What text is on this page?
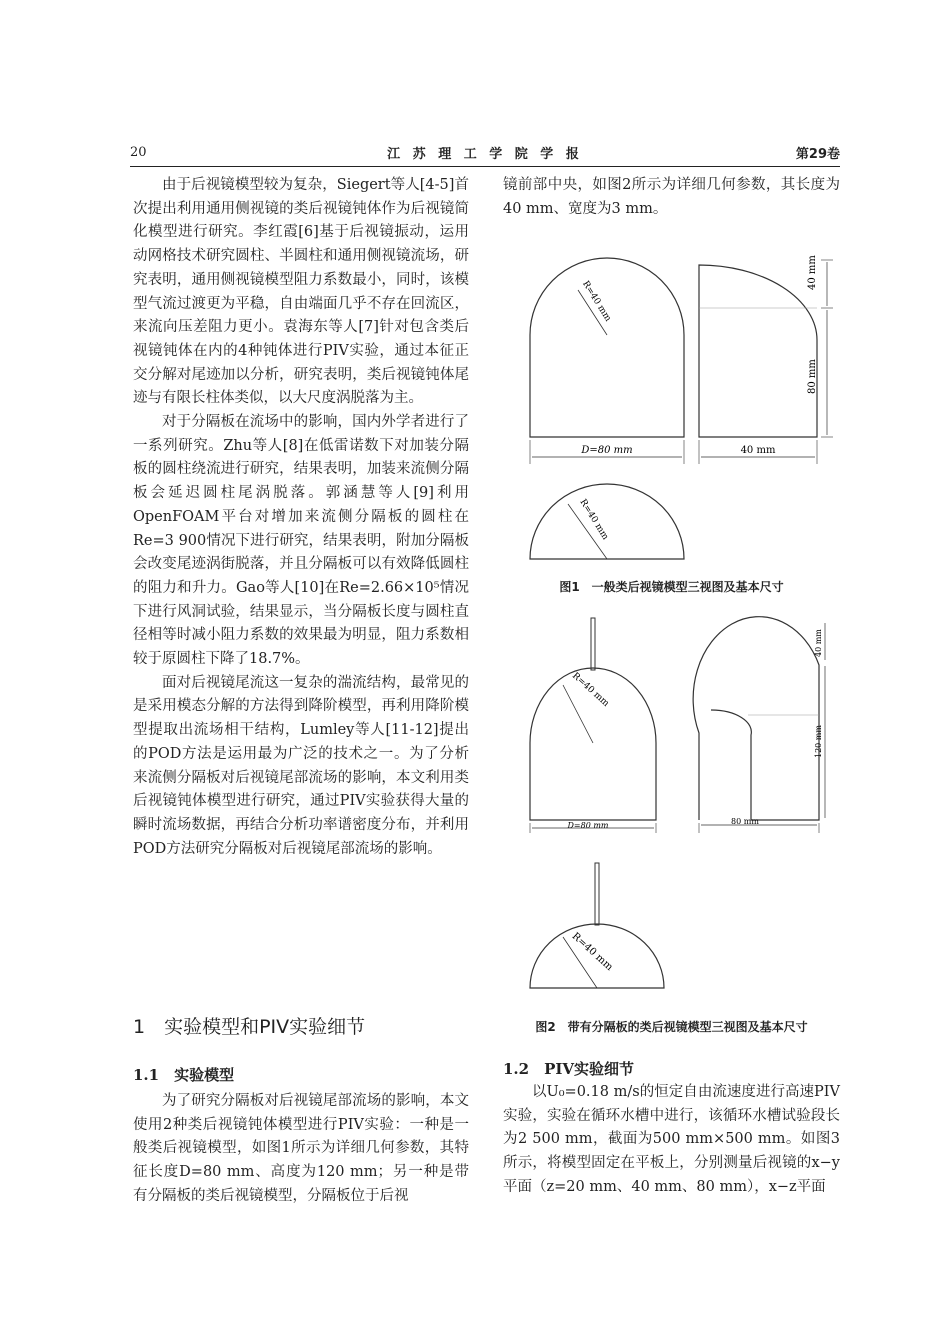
20	江 苏 理 工 学 院 学 报	第29卷

由于后视镜模型较为复杂，Siegert等人[4-5]首次提出利用通用侧视镜的类后视镜钝体作为后视镜简化模型进行研究。李红霞[6]基于后视镜振动，运用动网格技术研究圆柱、半圆柱和通用侧视镜流场，研究表明，通用侧视镜模型阻力系数最小，同时，该模型气流过渡更为平稳，自由端面几乎不存在回流区，来流向压差阻力更小。袁海东等人[7]针对包含类后视镜钝体在内的4种钝体进行PIV实验，通过本征正交分解对尾迹加以分析，研究表明，类后视镜钝体尾迹与有限长柱体类似，以大尺度涡脱落为主。

对于分隔板在流场中的影响，国内外学者进行了一系列研究。Zhu等人[8]在低雷诺数下对加装分隔板的圆柱绕流进行研究，结果表明，加装来流侧分隔板会延迟圆柱尾涡脱落。郭涵慧等人[9]利用OpenFOAM平台对增加来流侧分隔板的圆柱在Re=3 900情况下进行研究，结果表明，附加分隔板会改变尾迹涡街脱落，并且分隔板可以有效降低圆柱的阻力和升力。Gao等人[10]在Re=2.66×10⁵情况下进行风洞试验，结果显示，当分隔板长度与圆柱直径相等时减小阻力系数的效果最为明显，阻力系数相较于原圆柱下降了18.7%。

面对后视镜尾流这一复杂的湍流结构，最常见的是采用模态分解的方法得到降阶模型，再利用降阶模型提取出流场相干结构，Lumley等人[11-12]提出的POD方法是运用最为广泛的技术之一。为了分析来流侧分隔板对后视镜尾部流场的影响，本文利用类后视镜钝体模型进行研究，通过PIV实验获得大量的瞬时流场数据，再结合分析功率谱密度分布，并利用POD方法研究分隔板对后视镜尾部流场的影响。

1　实验模型和PIV实验细节
1.1　实验模型

为了研究分隔板对后视镜尾部流场的影响，本文使用2种类后视镜钝体模型进行PIV实验：一种是一般类后视镜模型，如图1所示为详细几何参数，其特征长度D=80 mm、高度为120 mm；另一种是带有分隔板的类后视镜模型，分隔板位于后视

镜前部中央，如图2所示为详细几何参数，其长度为40 mm、宽度为3 mm。

R=40 mm
D=80 mm	40 mm
40 mm
80 mm
R=40 mm
图1　一般类后视镜模型三视图及基本尺寸
R=40 mm
D=80 mm	80 mm
40 mm
120 mm
R=40 mm
图2　带有分隔板的类后视镜模型三视图及基本尺寸
1.2　PIV实验细节

以U₀=0.18 m/s的恒定自由流速度进行高速PIV实验，实验在循环水槽中进行，该循环水槽试验段长为2 500 mm，截面为500 mm×500 mm。如图3所示，将模型固定在平板上，分别测量后视镜的x−y平面（z=20 mm、40 mm、80 mm），x−z平面
